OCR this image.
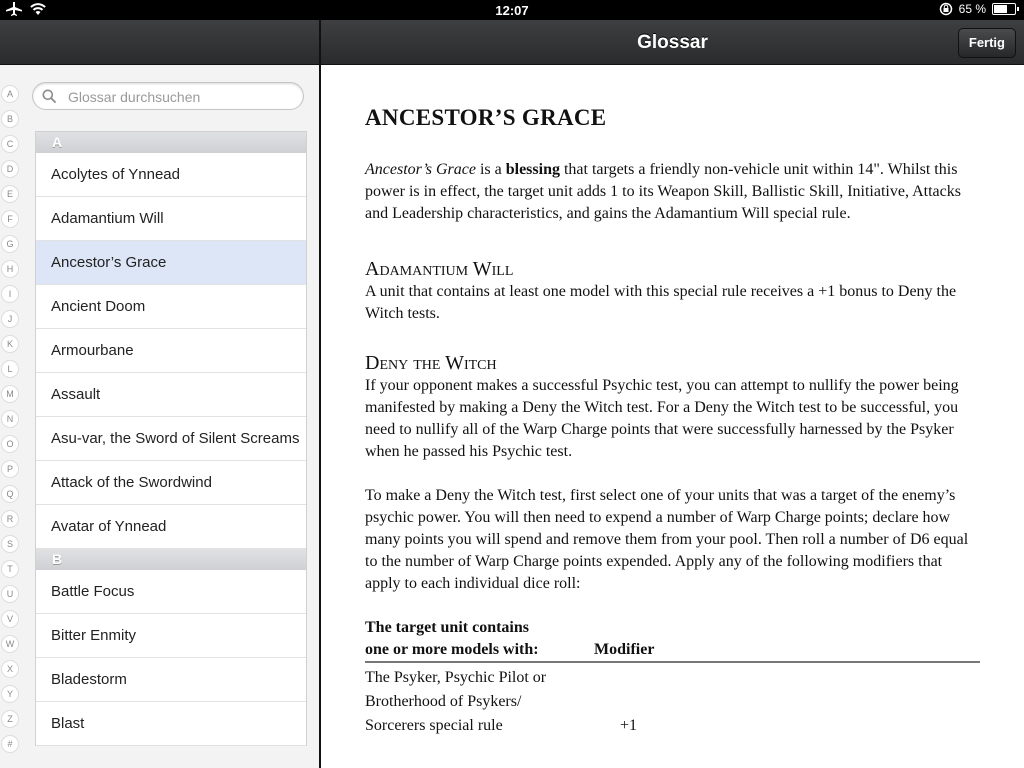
12:07	65 %
Glossar	Fertig
A
B
C
D
E
F
G
H
I
J
K
L
M
N
O
P
Q
R
S
T
U
V
W
X
Y
Z
#
Glossar durchsuchen
A
Acolytes of Ynnead
Adamantium Will
Ancestor’s Grace
Ancient Doom
Armourbane
Assault
Asu-var, the Sword of Silent Screams
Attack of the Swordwind
Avatar of Ynnead
B
Battle Focus
Bitter Enmity
Bladestorm
Blast
ANCESTOR’S GRACE

Ancestor’s Grace is a blessing that targets a friendly non-vehicle unit within 14". Whilst this power is in effect, the target unit adds 1 to its Weapon Skill, Ballistic Skill, Initiative, Attacks and Leadership characteristics, and gains the Adamantium Will special rule.

Adamantium Will

A unit that contains at least one model with this special rule receives a +1 bonus to Deny the Witch tests.

Deny the Witch

If your opponent makes a successful Psychic test, you can attempt to nullify the power being manifested by making a Deny the Witch test. For a Deny the Witch test to be successful, you need to nullify all of the Warp Charge points that were successfully harnessed by the Psyker when he passed his Psychic test.

To make a Deny the Witch test, first select one of your units that was a target of the enemy’s psychic power. You will then need to expend a number of Warp Charge points; declare how many points you will spend and remove them from your pool. Then roll a number of D6 equal to the number of Warp Charge points expended. Apply any of the following modifiers that apply to each individual dice roll:

The target unit contains
one or more models with:	Modifier
The Psyker, Psychic Pilot or
Brotherhood of Psykers/
Sorcerers special rule	+1
